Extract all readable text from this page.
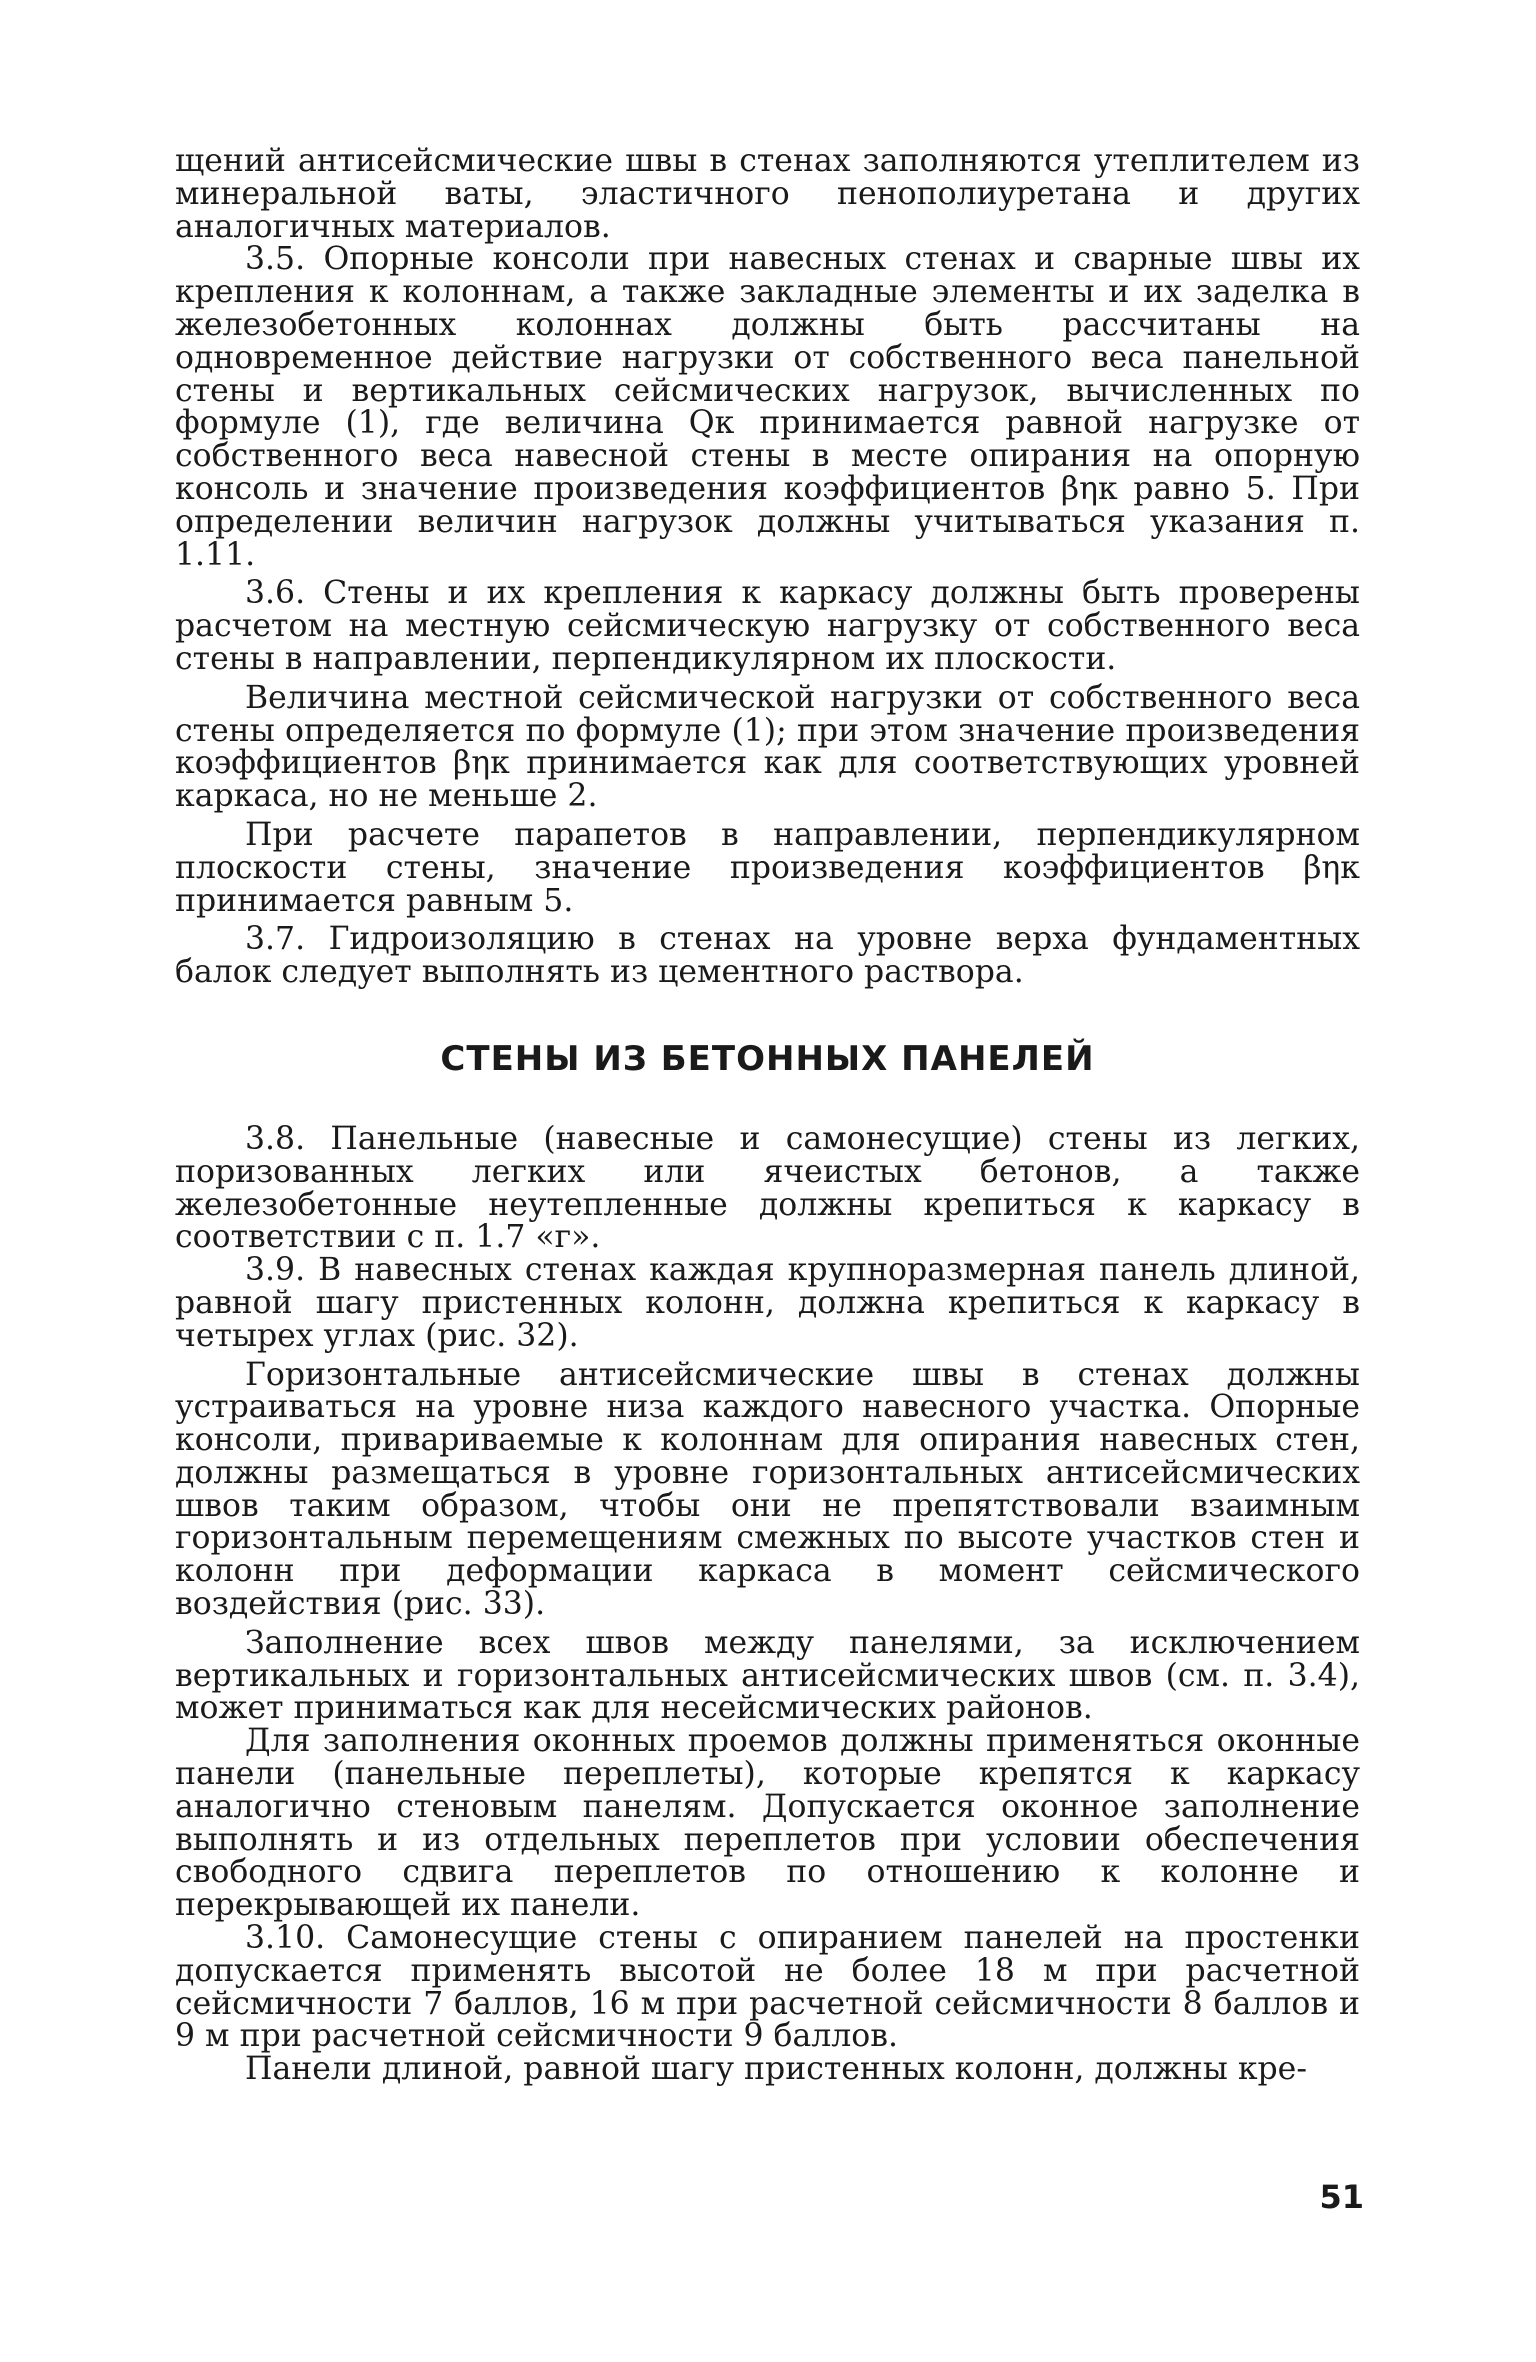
щений антисейсмические швы в стенах заполняются утеплителем из минеральной ваты, эластичного пенополиуретана и других аналогичных материалов.

3.5. Опорные консоли при навесных стенах и сварные швы их крепления к колоннам, а также закладные элементы и их заделка в железобетонных колоннах должны быть рассчитаны на одновременное действие нагрузки от собственного веса панельной стены и вертикальных сейсмических нагрузок, вычисленных по формуле (1), где величина Qк принимается равной нагрузке от собственного веса навесной стены в месте опирания на опорную консоль и значение произведения коэффициентов βηк равно 5. При определении величин нагрузок должны учитываться указания п. 1.11.

3.6. Стены и их крепления к каркасу должны быть проверены расчетом на местную сейсмическую нагрузку от собственного веса стены в направлении, перпендикулярном их плоскости.

Величина местной сейсмической нагрузки от собственного веса стены определяется по формуле (1); при этом значение произведения коэффициентов βηк принимается как для соответствующих уровней каркаса, но не меньше 2.

При расчете парапетов в направлении, перпендикулярном плоскости стены, значение произведения коэффициентов βηк принимается равным 5.

3.7. Гидроизоляцию в стенах на уровне верха фундаментных балок следует выполнять из цементного раствора.

СТЕНЫ ИЗ БЕТОННЫХ ПАНЕЛЕЙ

3.8. Панельные (навесные и самонесущие) стены из легких, поризованных легких или ячеистых бетонов, а также железобетонные неутепленные должны крепиться к каркасу в соответствии с п. 1.7 «г».

3.9. В навесных стенах каждая крупноразмерная панель длиной, равной шагу пристенных колонн, должна крепиться к каркасу в четырех углах (рис. 32).

Горизонтальные антисейсмические швы в стенах должны устраиваться на уровне низа каждого навесного участка. Опорные консоли, привариваемые к колоннам для опирания навесных стен, должны размещаться в уровне горизонтальных антисейсмических швов таким образом, чтобы они не препятствовали взаимным горизонтальным перемещениям смежных по высоте участков стен и колонн при деформации каркаса в момент сейсмического воздействия (рис. 33).

Заполнение всех швов между панелями, за исключением вертикальных и горизонтальных антисейсмических швов (см. п. 3.4), может приниматься как для несейсмических районов.

Для заполнения оконных проемов должны применяться оконные панели (панельные переплеты), которые крепятся к каркасу аналогично стеновым панелям. Допускается оконное заполнение выполнять и из отдельных переплетов при условии обеспечения свободного сдвига переплетов по отношению к колонне и перекрывающей их панели.

3.10. Самонесущие стены с опиранием панелей на простенки допускается применять высотой не более 18 м при расчетной сейсмичности 7 баллов, 16 м при расчетной сейсмичности 8 баллов и 9 м при расчетной сейсмичности 9 баллов.

Панели длиной, равной шагу пристенных колонн, должны кре-

51
